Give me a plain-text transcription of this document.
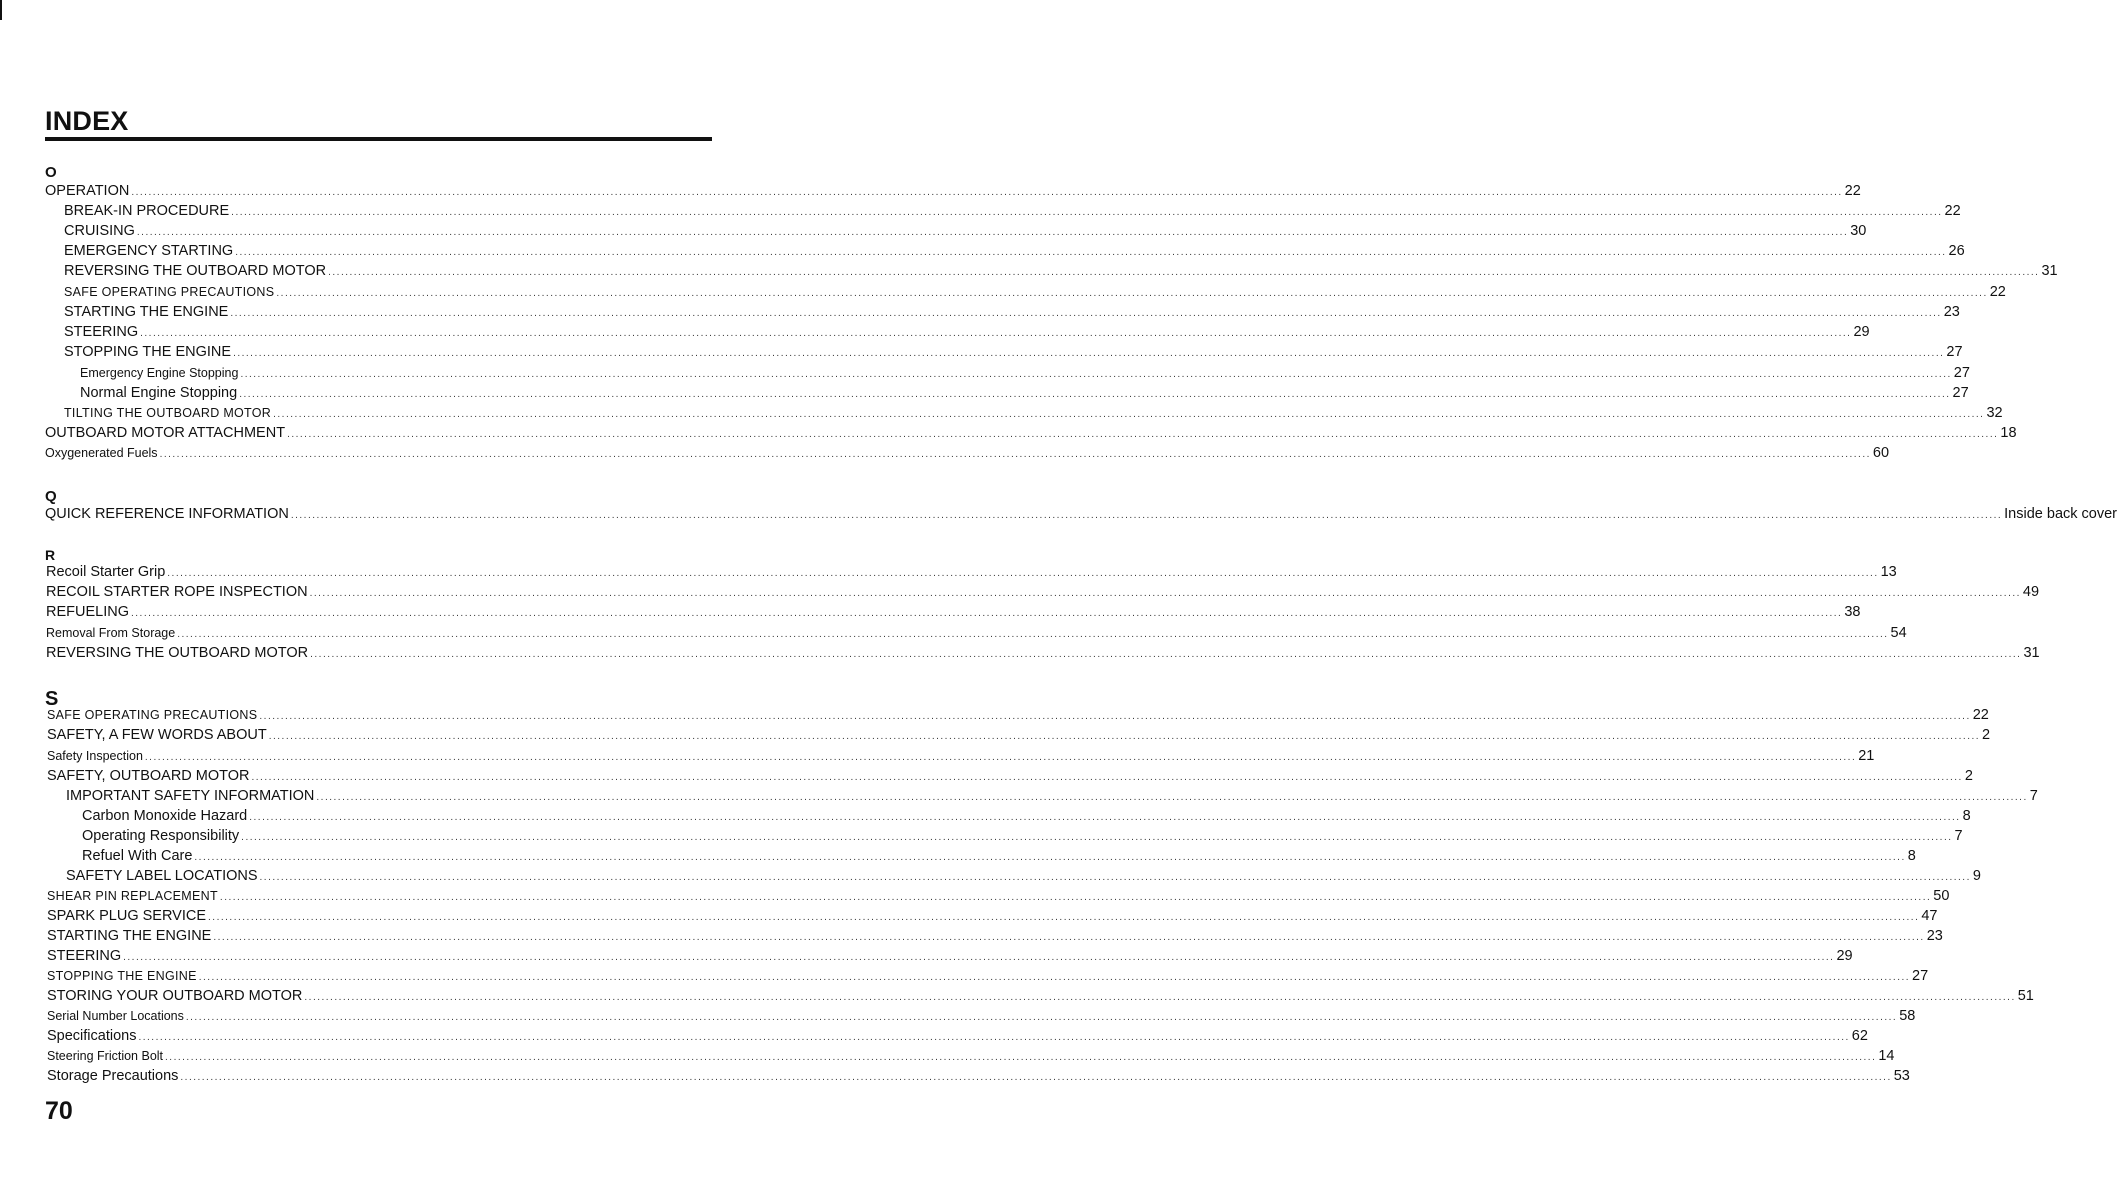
INDEX
O
OPERATION ................................................................................................................................................................................................................................................................................................................................................................................................................ 22
BREAK-IN PROCEDURE ................................................................................................................................................................................................................................................................................................................................................................................................................ 22
CRUISING ................................................................................................................................................................................................................................................................................................................................................................................................................ 30
EMERGENCY STARTING ................................................................................................................................................................................................................................................................................................................................................................................................................ 26
REVERSING THE OUTBOARD MOTOR ................................................................................................................................................................................................................................................................................................................................................................................................................ 31
SAFE OPERATING PRECAUTIONS ................................................................................................................................................................................................................................................................................................................................................................................................................ 22
STARTING THE ENGINE ................................................................................................................................................................................................................................................................................................................................................................................................................ 23
STEERING ................................................................................................................................................................................................................................................................................................................................................................................................................ 29
STOPPING THE ENGINE ................................................................................................................................................................................................................................................................................................................................................................................................................ 27
Emergency Engine Stopping ................................................................................................................................................................................................................................................................................................................................................................................................................ 27
Normal Engine Stopping ................................................................................................................................................................................................................................................................................................................................................................................................................ 27
TILTING THE OUTBOARD MOTOR ................................................................................................................................................................................................................................................................................................................................................................................................................ 32
OUTBOARD MOTOR ATTACHMENT ................................................................................................................................................................................................................................................................................................................................................................................................................ 18
Oxygenerated Fuels ................................................................................................................................................................................................................................................................................................................................................................................................................ 60
Q
QUICK REFERENCE INFORMATION ................................................................................................................................................................................................................................................................................................................................................................................................................ Inside back cover
R
Recoil Starter Grip ................................................................................................................................................................................................................................................................................................................................................................................................................ 13
RECOIL STARTER ROPE INSPECTION ................................................................................................................................................................................................................................................................................................................................................................................................................ 49
REFUELING ................................................................................................................................................................................................................................................................................................................................................................................................................ 38
Removal From Storage ................................................................................................................................................................................................................................................................................................................................................................................................................ 54
REVERSING THE OUTBOARD MOTOR ................................................................................................................................................................................................................................................................................................................................................................................................................ 31
S
SAFE OPERATING PRECAUTIONS ................................................................................................................................................................................................................................................................................................................................................................................................................ 22
SAFETY, A FEW WORDS ABOUT ................................................................................................................................................................................................................................................................................................................................................................................................................ 2
Safety Inspection ................................................................................................................................................................................................................................................................................................................................................................................................................ 21
SAFETY, OUTBOARD MOTOR ................................................................................................................................................................................................................................................................................................................................................................................................................ 2
IMPORTANT SAFETY INFORMATION ................................................................................................................................................................................................................................................................................................................................................................................................................ 7
Carbon Monoxide Hazard ................................................................................................................................................................................................................................................................................................................................................................................................................ 8
Operating Responsibility ................................................................................................................................................................................................................................................................................................................................................................................................................ 7
Refuel With Care ................................................................................................................................................................................................................................................................................................................................................................................................................ 8
SAFETY LABEL LOCATIONS ................................................................................................................................................................................................................................................................................................................................................................................................................ 9
SHEAR PIN REPLACEMENT ................................................................................................................................................................................................................................................................................................................................................................................................................ 50
SPARK PLUG SERVICE ................................................................................................................................................................................................................................................................................................................................................................................................................ 47
STARTING THE ENGINE ................................................................................................................................................................................................................................................................................................................................................................................................................ 23
STEERING ................................................................................................................................................................................................................................................................................................................................................................................................................ 29
STOPPING THE ENGINE ................................................................................................................................................................................................................................................................................................................................................................................................................ 27
STORING YOUR OUTBOARD MOTOR ................................................................................................................................................................................................................................................................................................................................................................................................................ 51
Serial Number Locations ................................................................................................................................................................................................................................................................................................................................................................................................................ 58
Specifications ................................................................................................................................................................................................................................................................................................................................................................................................................ 62
Steering Friction Bolt ................................................................................................................................................................................................................................................................................................................................................................................................................ 14
Storage Precautions ................................................................................................................................................................................................................................................................................................................................................................................................................ 53
70
